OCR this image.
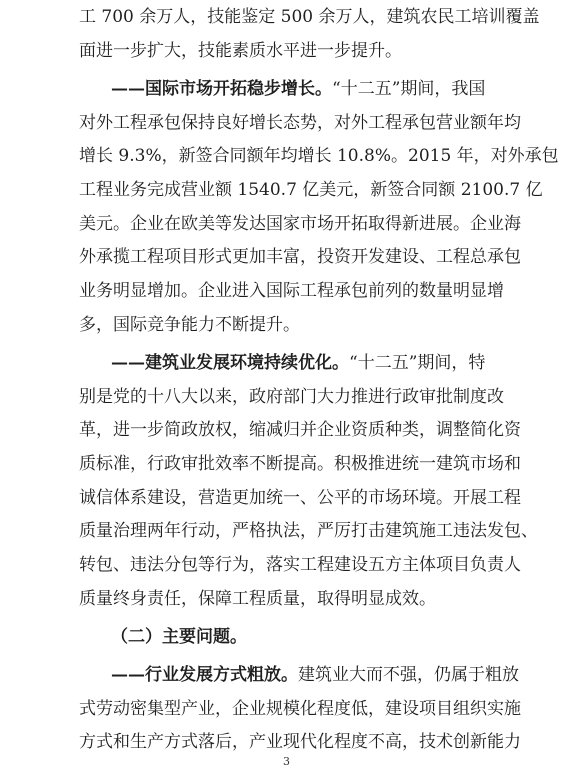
工 700 余万人，技能鉴定 500 余万人，建筑农民工培训覆盖
面进一步扩大，技能素质水平进一步提升。
——国际市场开拓稳步增长。“十二五”期间，我国
对外工程承包保持良好增长态势，对外工程承包营业额年均
增长 9.3%，新签合同额年均增长 10.8%。2015 年，对外承包
工程业务完成营业额 1540.7 亿美元，新签合同额 2100.7 亿
美元。企业在欧美等发达国家市场开拓取得新进展。企业海
外承揽工程项目形式更加丰富，投资开发建设、工程总承包
业务明显增加。企业进入国际工程承包前列的数量明显增
多，国际竞争能力不断提升。
——建筑业发展环境持续优化。“十二五”期间，特
别是党的十八大以来，政府部门大力推进行政审批制度改
革，进一步简政放权，缩减归并企业资质种类，调整简化资
质标准，行政审批效率不断提高。积极推进统一建筑市场和
诚信体系建设，营造更加统一、公平的市场环境。开展工程
质量治理两年行动，严格执法，严厉打击建筑施工违法发包、
转包、违法分包等行为，落实工程建设五方主体项目负责人
质量终身责任，保障工程质量，取得明显成效。
（二）主要问题。
——行业发展方式粗放。建筑业大而不强，仍属于粗放
式劳动密集型产业，企业规模化程度低，建设项目组织实施
方式和生产方式落后，产业现代化程度不高，技术创新能力
3
